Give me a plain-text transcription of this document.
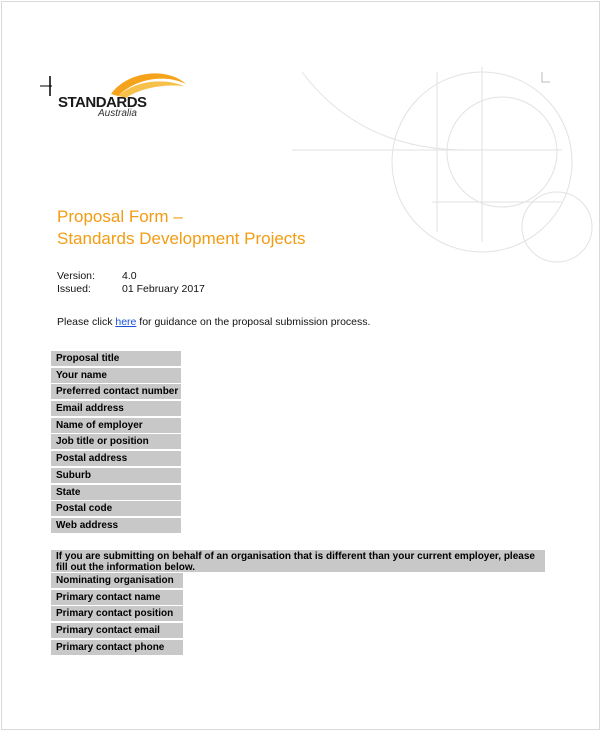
STANDARDS
Australia
Proposal Form –
Standards Development Projects
Version:	4.0
Issued:	01 February 2017
Please click here for guidance on the proposal submission process.
Proposal title
Your name
Preferred contact number
Email address
Name of employer
Job title or position
Postal address
Suburb
State
Postal code
Web address
If you are submitting on behalf of an organisation that is different than your current employer, please fill out the information below.
Nominating organisation
Primary contact name
Primary contact position
Primary contact email
Primary contact phone
